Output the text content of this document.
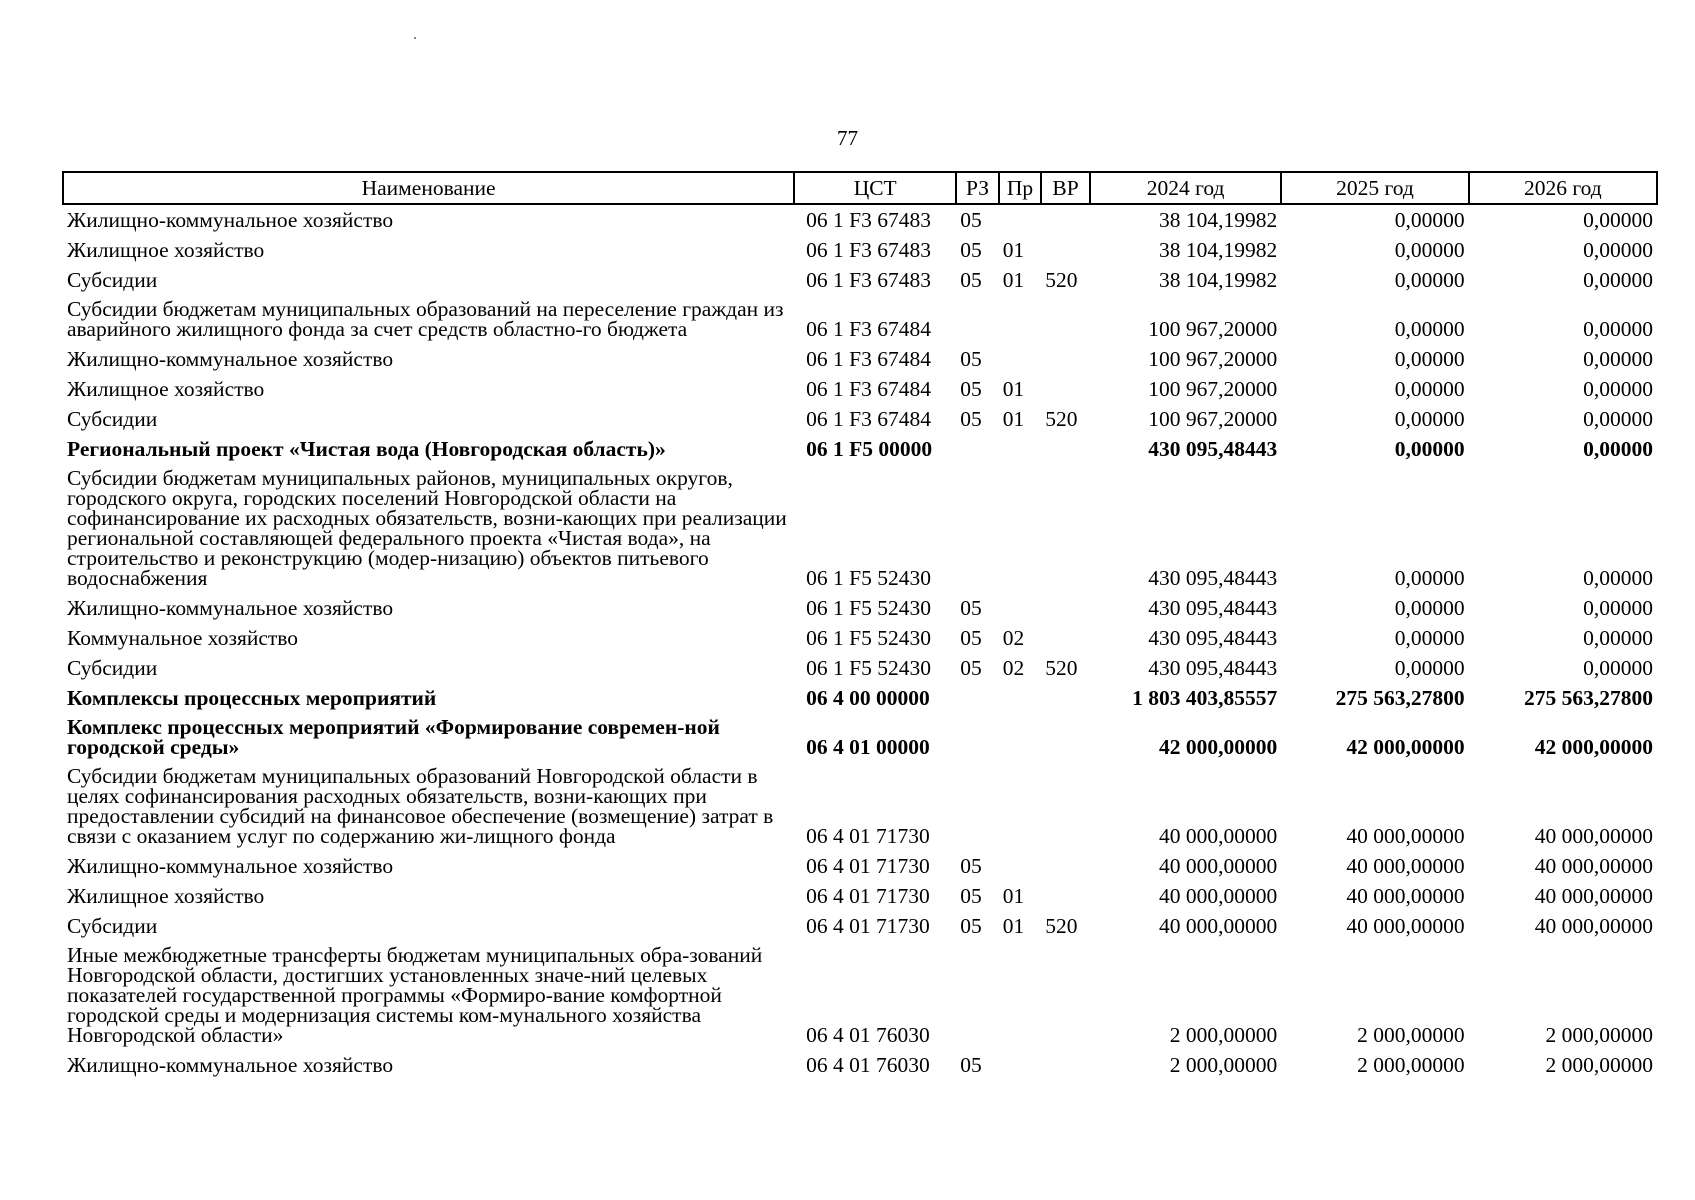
77
Наименование	ЦСТ	РЗ	Пр	ВР	2024 год	2025 год	2026 год
Жилищно-коммунальное хозяйство	06 1 F3 67483	05			38 104,19982	0,00000	0,00000
Жилищное хозяйство	06 1 F3 67483	05	01		38 104,19982	0,00000	0,00000
Субсидии	06 1 F3 67483	05	01	520	38 104,19982	0,00000	0,00000
Субсидии бюджетам муниципальных образований на переселение граждан из аварийного жилищного фонда за счет средств областно-го бюджета	06 1 F3 67484				100 967,20000	0,00000	0,00000
Жилищно-коммунальное хозяйство	06 1 F3 67484	05			100 967,20000	0,00000	0,00000
Жилищное хозяйство	06 1 F3 67484	05	01		100 967,20000	0,00000	0,00000
Субсидии	06 1 F3 67484	05	01	520	100 967,20000	0,00000	0,00000
Региональный проект «Чистая вода (Новгородская область)»	06 1 F5 00000				430 095,48443	0,00000	0,00000
Субсидии бюджетам муниципальных районов, муниципальных округов, городского округа, городских поселений Новгородской области на софинансирование их расходных обязательств, возни-кающих при реализации региональной составляющей федерального проекта «Чистая вода», на строительство и реконструкцию (модер-низацию) объектов питьевого водоснабжения	06 1 F5 52430				430 095,48443	0,00000	0,00000
Жилищно-коммунальное хозяйство	06 1 F5 52430	05			430 095,48443	0,00000	0,00000
Коммунальное хозяйство	06 1 F5 52430	05	02		430 095,48443	0,00000	0,00000
Субсидии	06 1 F5 52430	05	02	520	430 095,48443	0,00000	0,00000
Комплексы процессных мероприятий	06 4 00 00000				1 803 403,85557	275 563,27800	275 563,27800
Комплекс процессных мероприятий «Формирование современ-ной городской среды»	06 4 01 00000				42 000,00000	42 000,00000	42 000,00000
Субсидии бюджетам муниципальных образований Новгородской области в целях софинансирования расходных обязательств, возни-кающих при предоставлении субсидий на финансовое обеспечение (возмещение) затрат в связи с оказанием услуг по содержанию жи-лищного фонда	06 4 01 71730				40 000,00000	40 000,00000	40 000,00000
Жилищно-коммунальное хозяйство	06 4 01 71730	05			40 000,00000	40 000,00000	40 000,00000
Жилищное хозяйство	06 4 01 71730	05	01		40 000,00000	40 000,00000	40 000,00000
Субсидии	06 4 01 71730	05	01	520	40 000,00000	40 000,00000	40 000,00000
Иные межбюджетные трансферты бюджетам муниципальных обра-зований Новгородской области, достигших установленных значе-ний целевых показателей государственной программы «Формиро-вание комфортной городской среды и модернизация системы ком-мунального хозяйства Новгородской области»	06 4 01 76030				2 000,00000	2 000,00000	2 000,00000
Жилищно-коммунальное хозяйство	06 4 01 76030	05			2 000,00000	2 000,00000	2 000,00000
